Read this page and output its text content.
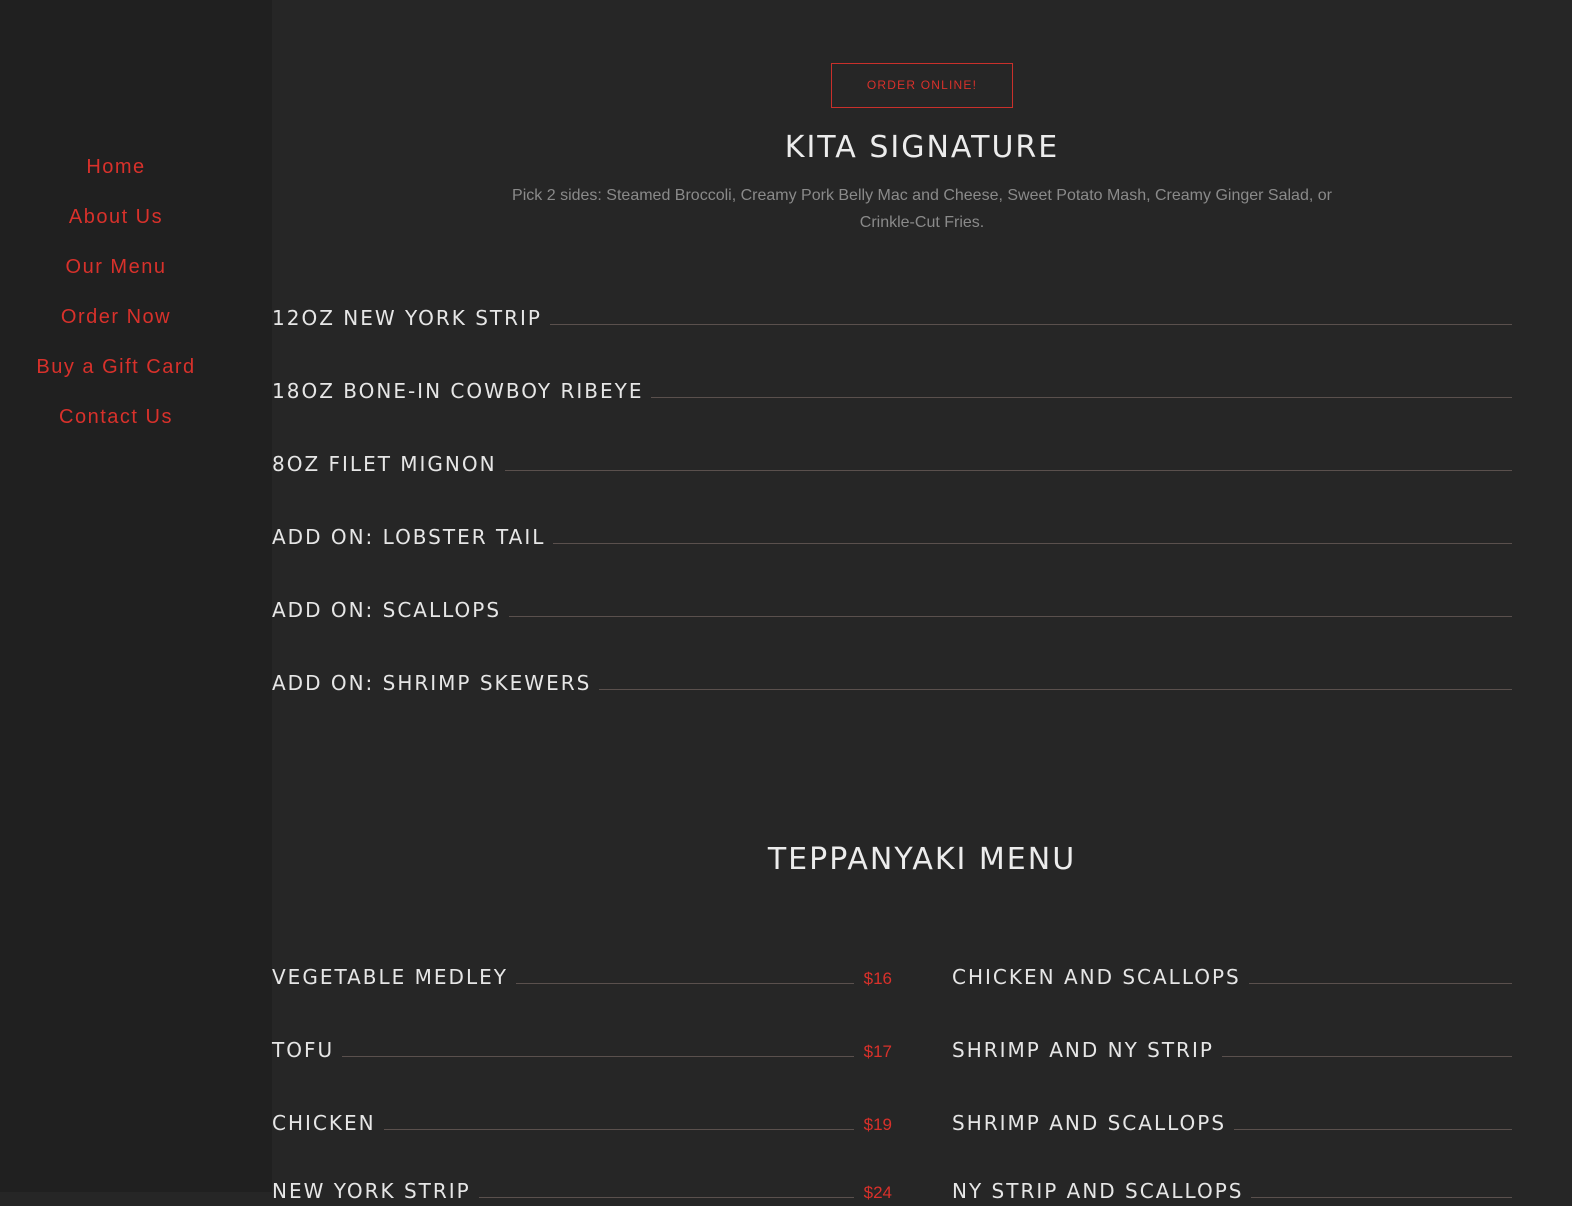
Home
About Us
Our Menu
Order Now
Buy a Gift Card
Contact Us
ORDER ONLINE!
KITA SIGNATURE
Pick 2 sides: Steamed Broccoli, Creamy Pork Belly Mac and Cheese, Sweet Potato Mash, Creamy Ginger Salad, or Crinkle-Cut Fries.
12OZ NEW YORK STRIP
18OZ BONE-IN COWBOY RIBEYE
8OZ FILET MIGNON
ADD ON: LOBSTER TAIL
ADD ON: SCALLOPS
ADD ON: SHRIMP SKEWERS
TEPPANYAKI MENU
VEGETABLE MEDLEY	$16
TOFU	$17
CHICKEN	$19
NEW YORK STRIP	$24
CHICKEN AND SCALLOPS
SHRIMP AND NY STRIP
SHRIMP AND SCALLOPS
NY STRIP AND SCALLOPS
